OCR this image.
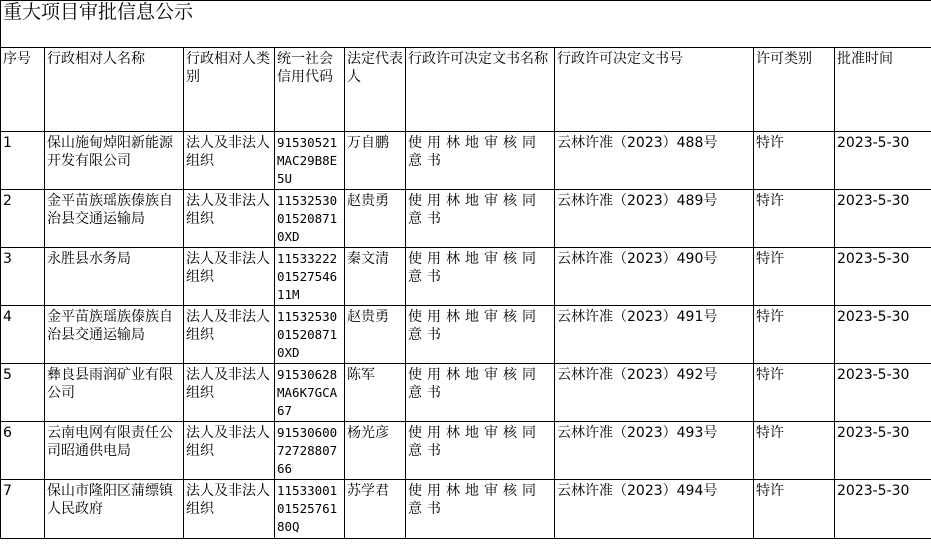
重大项目审批信息公示								
序号	行政相对人名称	行政相对人类别	统一社会信用代码	法定代表人	行政许可决定文书名称	行政许可决定文书号	许可类别	批准时间
1	保山施甸焯阳新能源开发有限公司	法人及非法人组织	91530521MAC29B8E5U	万自鹏	使用林地审核同意书	云林许准（2023）488号	特许	2023-5-30
2	金平苗族瑶族傣族自治县交通运输局	法人及非法人组织	11532530015208710XD	赵贵勇	使用林地审核同意书	云林许准（2023）489号	特许	2023-5-30
3	永胜县水务局	法人及非法人组织	115332220152754611M	秦文清	使用林地审核同意书	云林许准（2023）490号	特许	2023-5-30
4	金平苗族瑶族傣族自治县交通运输局	法人及非法人组织	11532530015208710XD	赵贵勇	使用林地审核同意书	云林许准（2023）491号	特许	2023-5-30
5	彝良县雨润矿业有限公司	法人及非法人组织	91530628MA6K7GCA67	陈军	使用林地审核同意书	云林许准（2023）492号	特许	2023-5-30
6	云南电网有限责任公司昭通供电局	法人及非法人组织	915306007272880766	杨光彦	使用林地审核同意书	云林许准（2023）493号	特许	2023-5-30
7	保山市隆阳区蒲缥镇人民政府	法人及非法人组织	115330010152576180Q	苏学君	使用林地审核同意书	云林许准（2023）494号	特许	2023-5-30
